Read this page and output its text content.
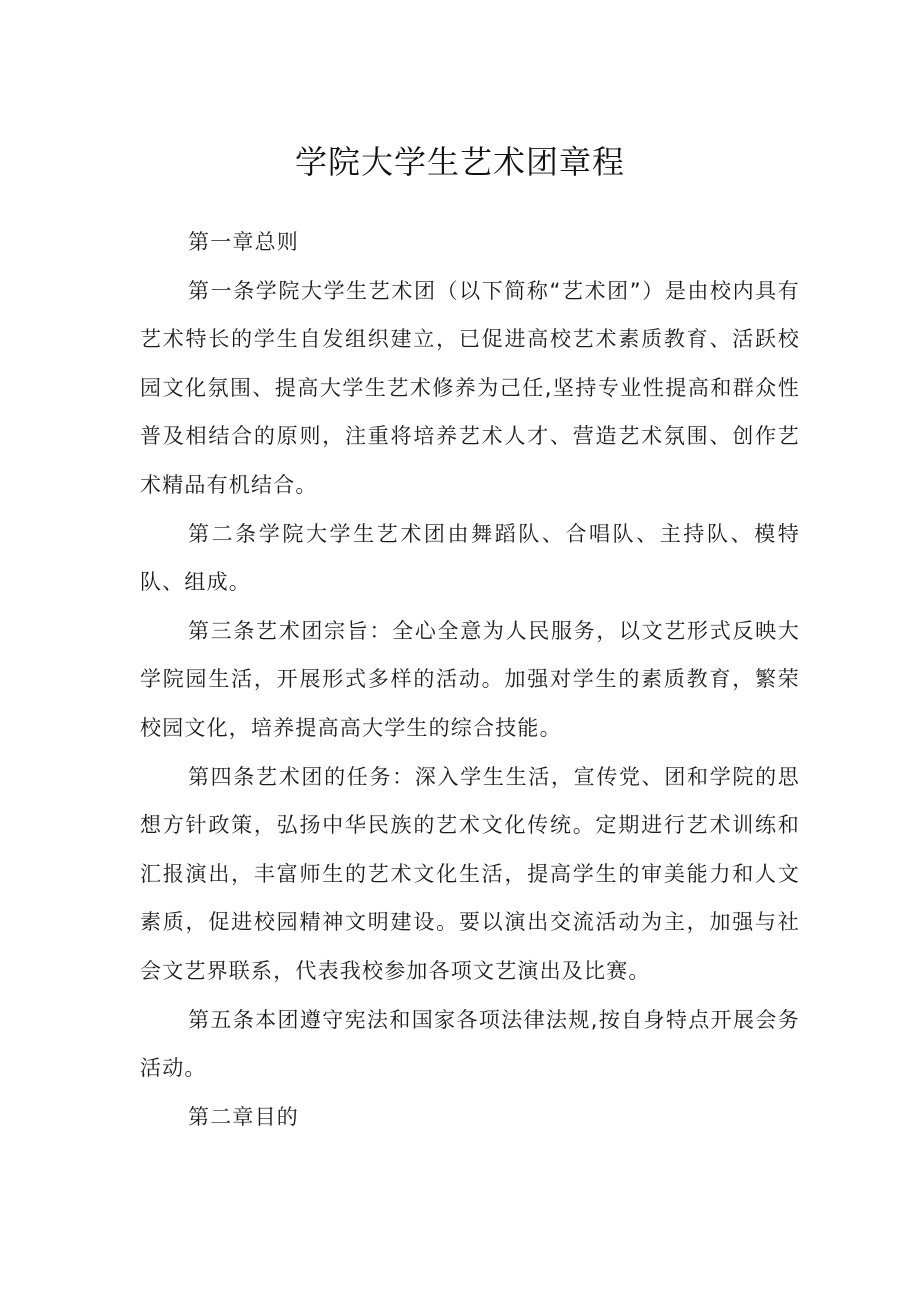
学院大学生艺术团章程

第一章总则

第一条学院大学生艺术团（以下简称“艺术团”）是由校内具有艺术特长的学生自发组织建立，已促进高校艺术素质教育、活跃校园文化氛围、提高大学生艺术修养为己任,坚持专业性提高和群众性普及相结合的原则，注重将培养艺术人才、营造艺术氛围、创作艺术精品有机结合。

第二条学院大学生艺术团由舞蹈队、合唱队、主持队、模特队、组成。

第三条艺术团宗旨：全心全意为人民服务，以文艺形式反映大学院园生活，开展形式多样的活动。加强对学生的素质教育，繁荣校园文化，培养提高高大学生的综合技能。

第四条艺术团的任务：深入学生生活，宣传党、团和学院的思想方针政策，弘扬中华民族的艺术文化传统。定期进行艺术训练和汇报演出，丰富师生的艺术文化生活，提高学生的审美能力和人文素质，促进校园精神文明建设。要以演出交流活动为主，加强与社会文艺界联系，代表我校参加各项文艺演出及比赛。

第五条本团遵守宪法和国家各项法律法规,按自身特点开展会务活动。

第二章目的
